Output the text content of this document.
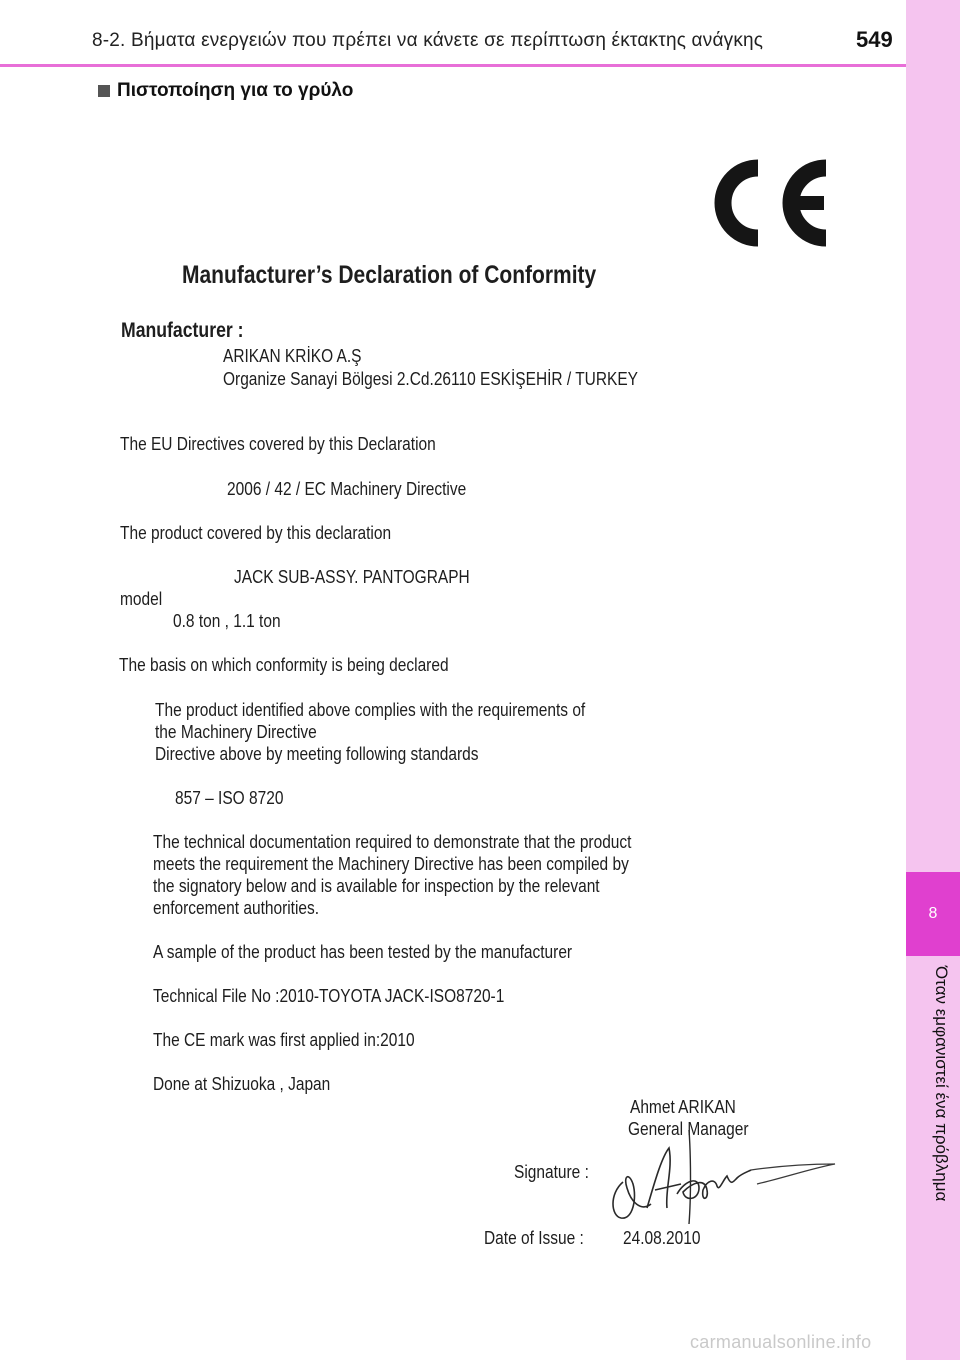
8-2. Βήματα ενεργειών που πρέπει να κάνετε σε περίπτωση έκτακτης ανάγκης	549
8
Όταν εμφανιστεί ένα πρόβλημα
Πιστοποίηση για το γρύλο
Manufacturer’s Declaration of Conformity
Manufacturer :
ARIKAN KRİKO A.Ş
Organize Sanayi Bölgesi 2.Cd.26110 ESKİŞEHİR / TURKEY
The EU Directives covered by this Declaration
2006 / 42 / EC Machinery Directive
The product covered by this declaration
JACK SUB-ASSY. PANTOGRAPH
model
0.8 ton , 1.1 ton
The basis on which conformity is being declared
The product identified above complies with the requirements of
the Machinery Directive
Directive above by meeting following standards
857 – ISO 8720
The technical documentation required to demonstrate that the product
meets the requirement the Machinery Directive has been compiled by
the signatory below and is available for inspection by the relevant
enforcement authorities.
A sample of the product has been tested by the manufacturer
Technical File No :2010-TOYOTA JACK-ISO8720-1
The CE mark was first applied in:2010
Done at Shizuoka , Japan
Ahmet ARIKAN
General Manager
Signature :
Date of Issue : 24.08.2010
carmanualsonline.info
